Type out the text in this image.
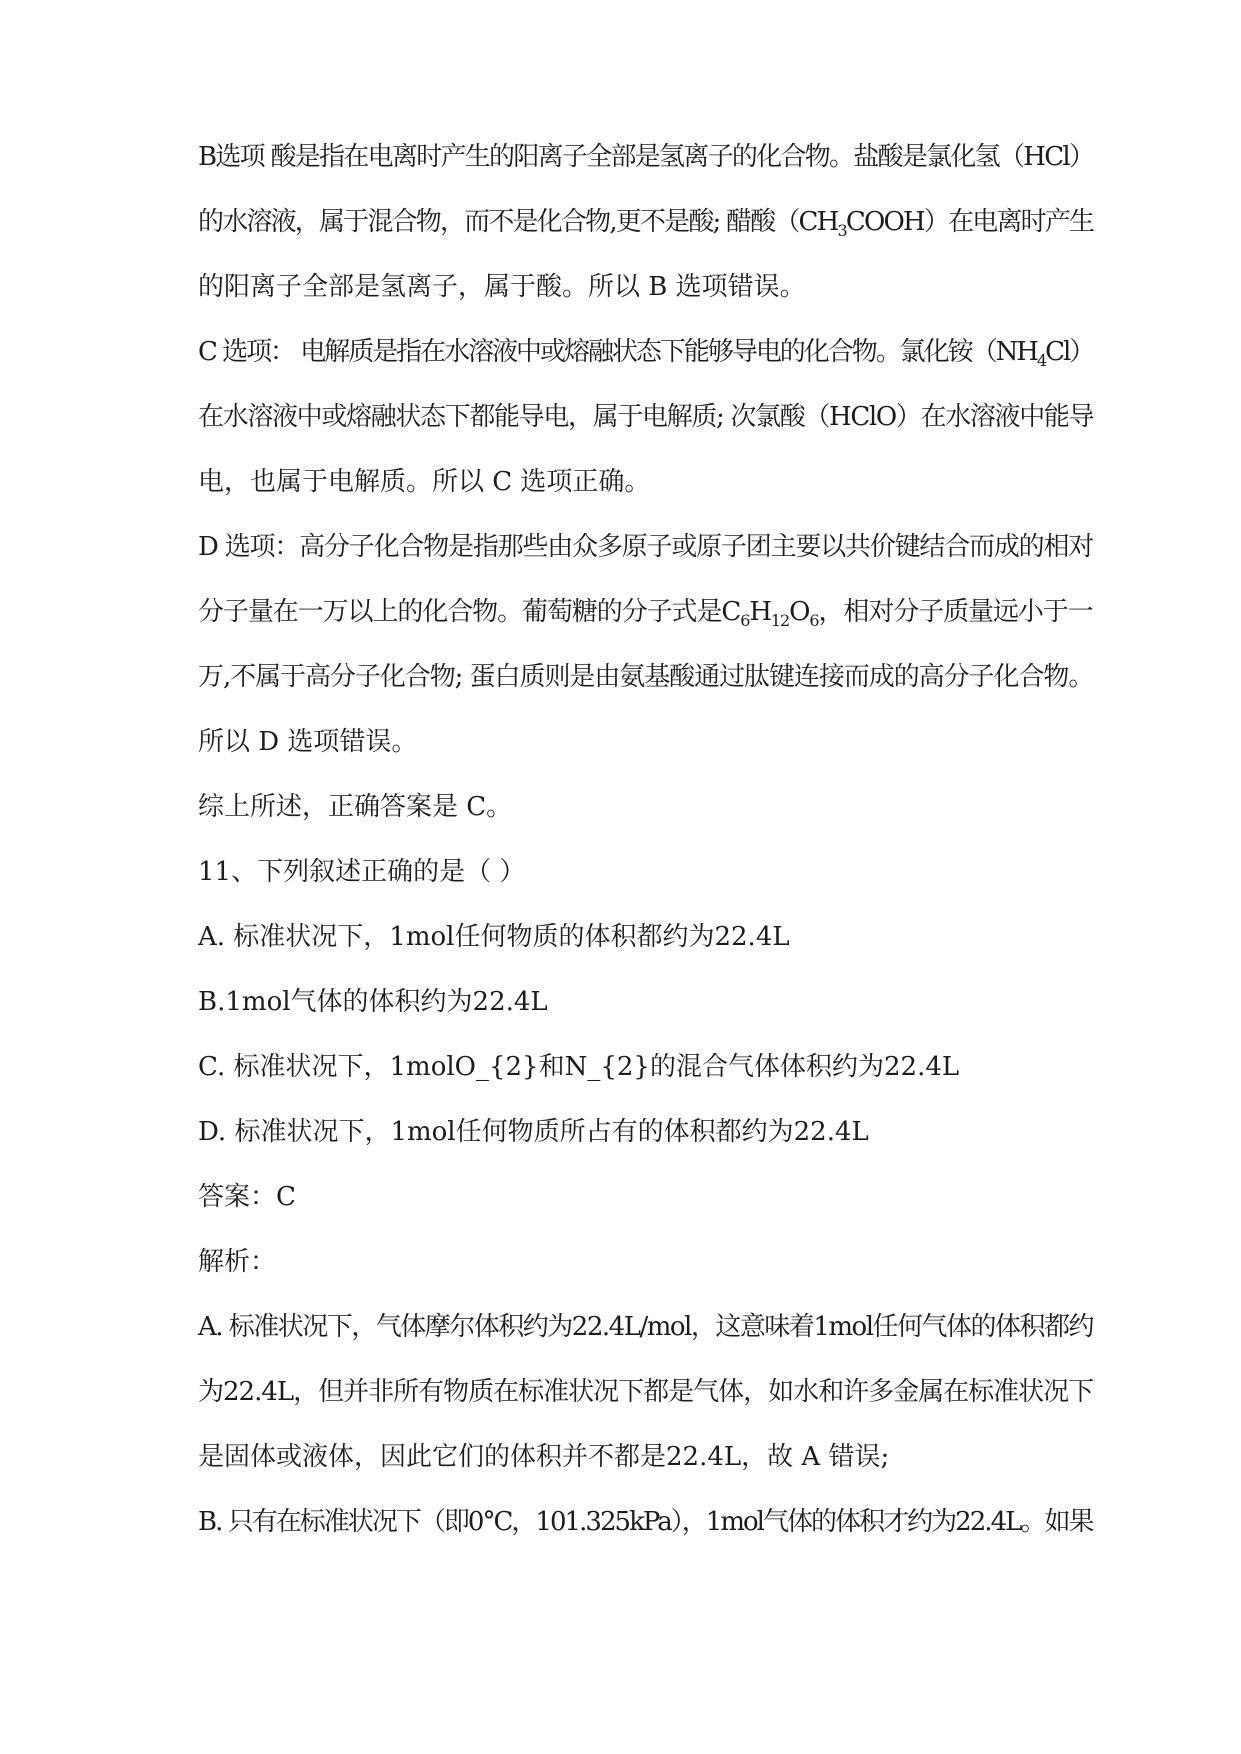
B选项 酸是指在电离时产生的阳离子全部是氢离子的化合物。盐酸是氯化氢（HCl）
的水溶液，属于混合物，而不是化合物,更不是酸; 醋酸$(CH_3COOH)$在电离时产生
的阳离子全部是氢离子，属于酸。所以 B 选项错误。
C 选项： 电解质是指在水溶液中或熔融状态下能够导电的化合物。氯化铵$(NH_4Cl)$
在水溶液中或熔融状态下都能导电，属于电解质; 次氯酸（HClO）在水溶液中能导
电，也属于电解质。所以 C 选项正确。
D 选项：高分子化合物是指那些由众多原子或原子团主要以共价键结合而成的相对
分子量在一万以上的化合物。葡萄糖的分子式是$C_6H_{12}O_6$，相对分子质量远小于一
万,不属于高分子化合物; 蛋白质则是由氨基酸通过肽键连接而成的高分子化合物。
所以 D 选项错误。
综上所述，正确答案是 C。
11、下列叙述正确的是（ ）
A. 标准状况下，1mol任何物质的体积都约为22.4L
B.1mol气体的体积约为22.4L
C. 标准状况下，1molO_{2}和N_{2}的混合气体体积约为22.4L
D. 标准状况下，1mol任何物质所占有的体积都约为22.4L
答案：C
解析：
A. 标准状况下，气体摩尔体积约为22.4L/mol，这意味着1mol任何气体的体积都约
为22.4L，但并非所有物质在标准状况下都是气体，如水和许多金属在标准状况下
是固体或液体，因此它们的体积并不都是22.4L，故 A 错误;
B. 只有在标准状况下（即0°C，101.325kPa），1mol气体的体积才约为22.4L。如果
